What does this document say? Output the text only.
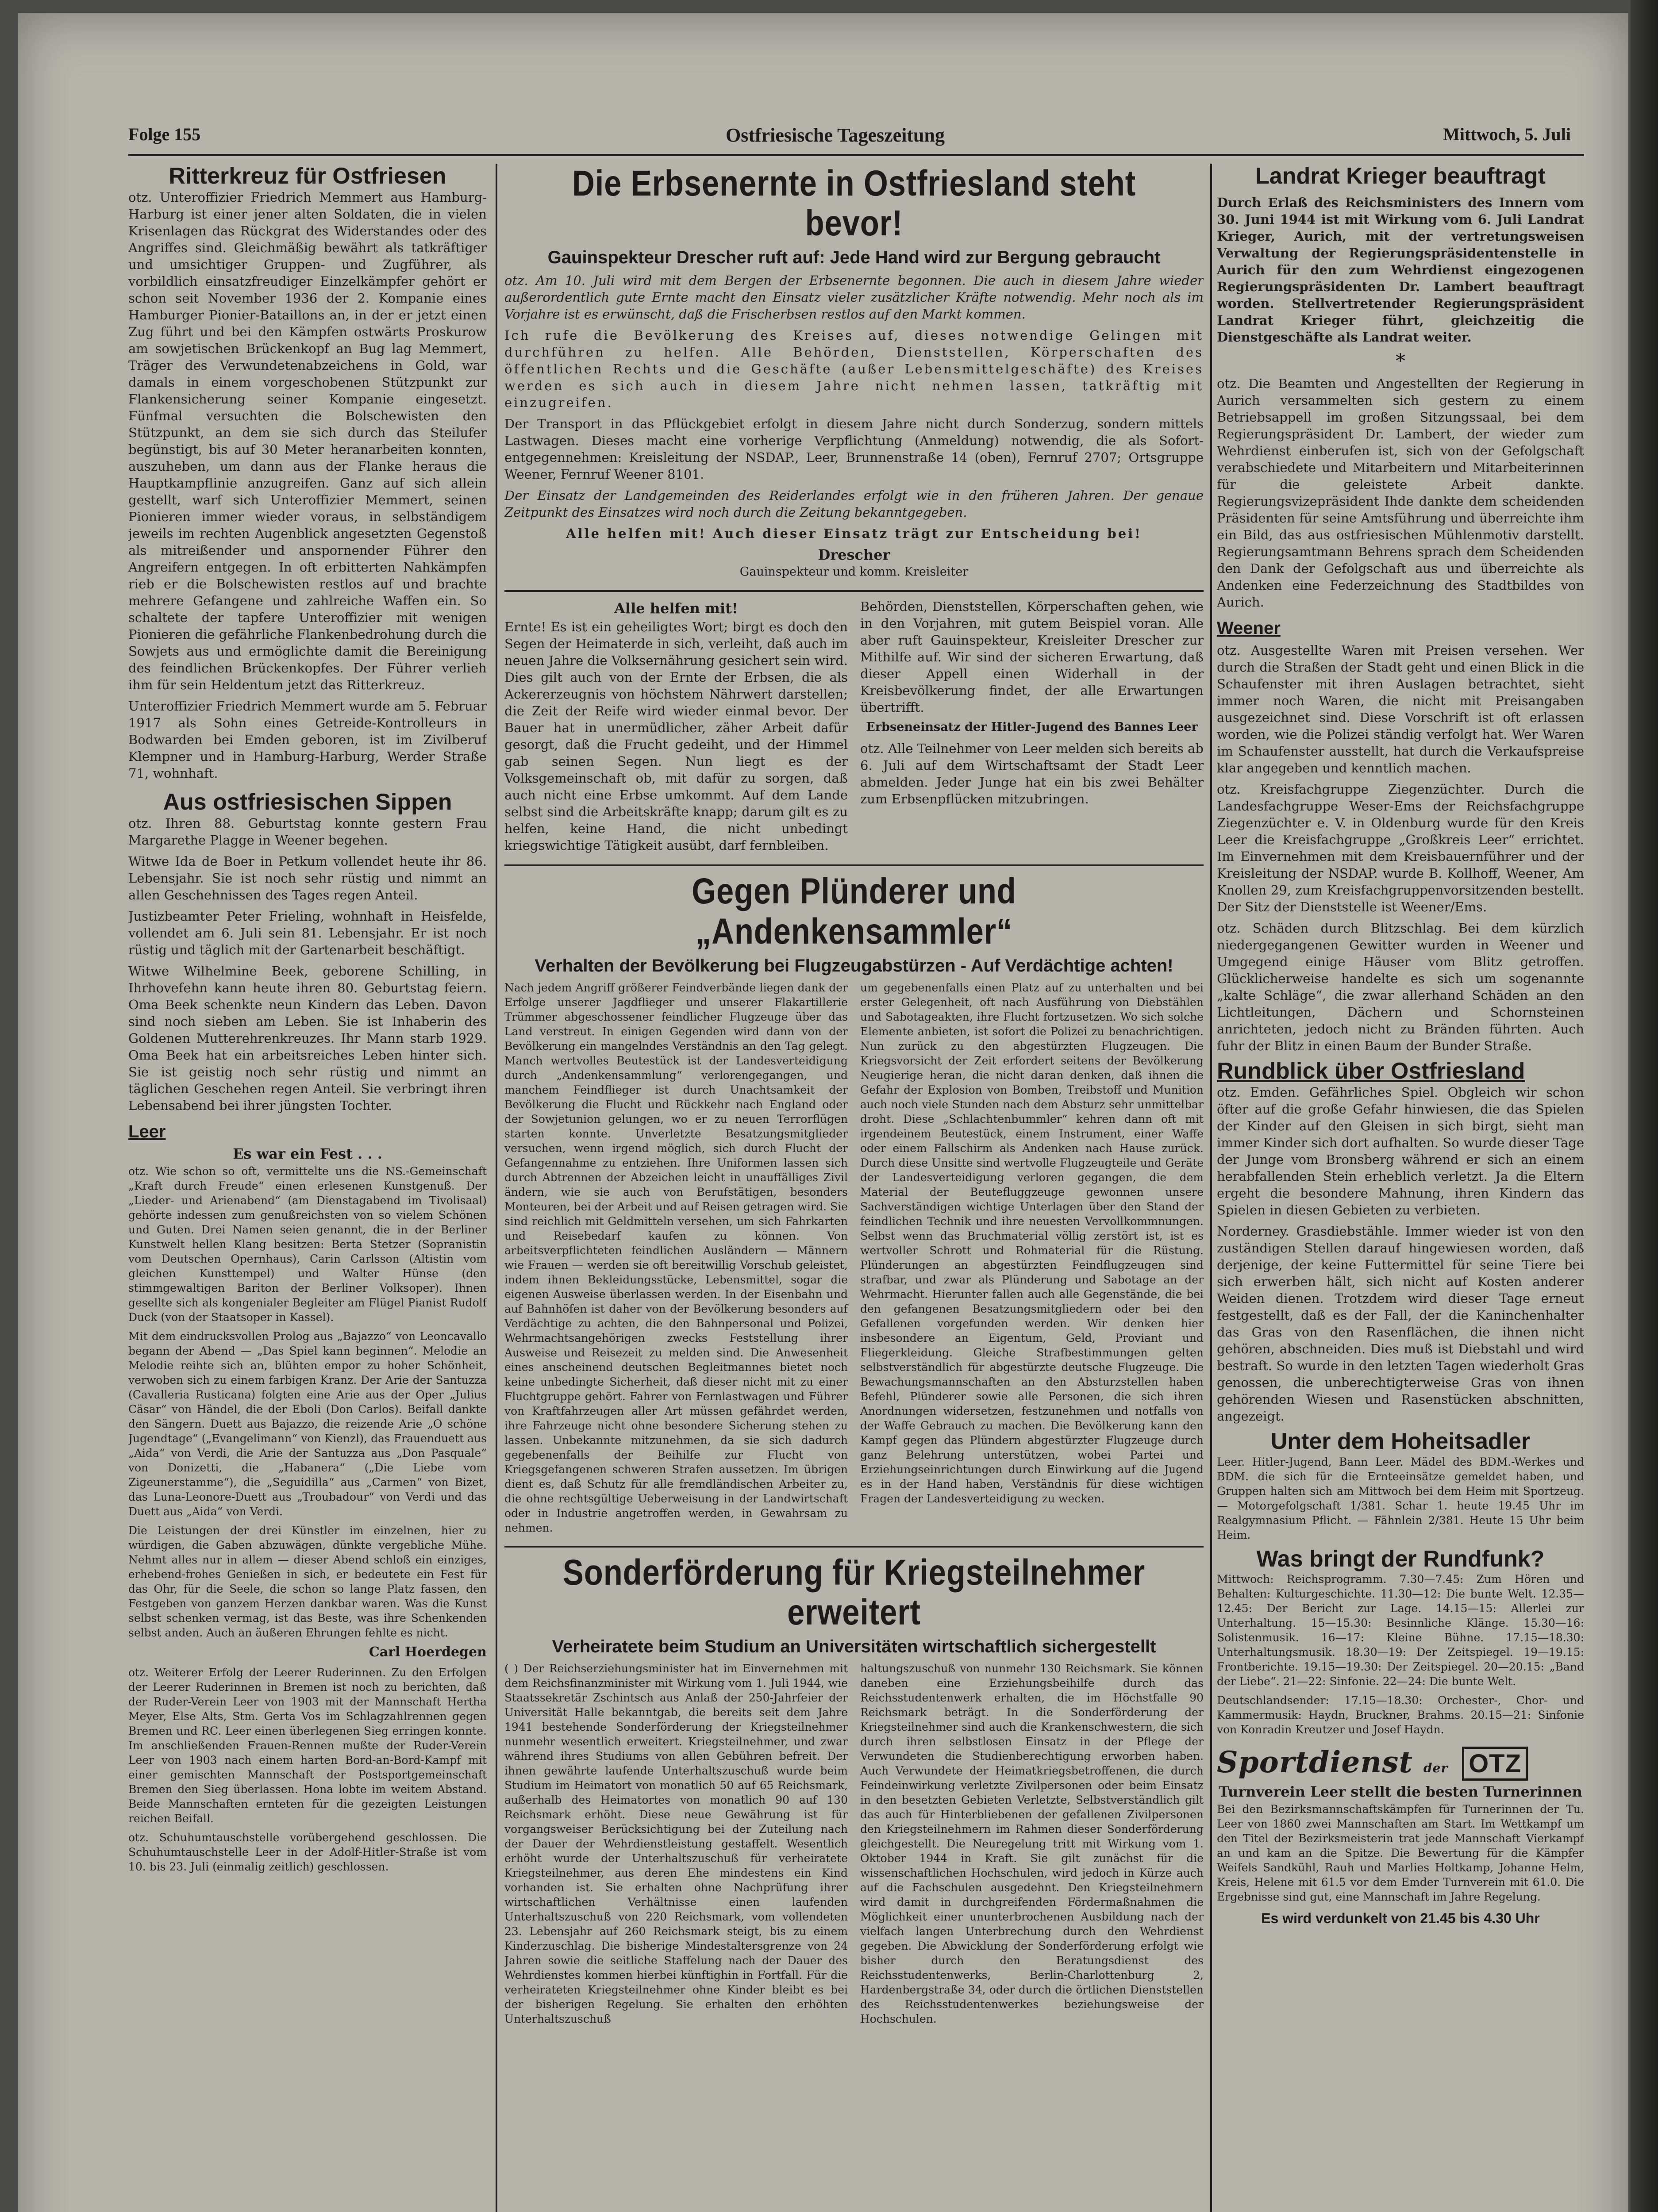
Folge 155	Ostfriesische Tageszeitung	Mittwoch, 5. Juli
Ritterkreuz für Ostfriesen

otz. Unteroffizier Friedrich Memmert aus Hamburg-Harburg ist einer jener alten Soldaten, die in vielen Krisenlagen das Rückgrat des Widerstandes oder des Angriffes sind. Gleichmäßig bewährt als tatkräftiger und umsichtiger Gruppen- und Zugführer, als vorbildlich einsatzfreudiger Einzelkämpfer gehört er schon seit November 1936 der 2. Kompanie eines Hamburger Pionier-Bataillons an, in der er jetzt einen Zug führt und bei den Kämpfen ostwärts Proskurow am sowjetischen Brückenkopf an Bug lag Memmert, Träger des Verwundetenabzeichens in Gold, war damals in einem vorgeschobenen Stützpunkt zur Flankensicherung seiner Kompanie eingesetzt. Fünfmal versuchten die Bolschewisten den Stützpunkt, an dem sie sich durch das Steilufer begünstigt, bis auf 30 Meter heranarbeiten konnten, auszuheben, um dann aus der Flanke heraus die Hauptkampflinie anzugreifen. Ganz auf sich allein gestellt, warf sich Unteroffizier Memmert, seinen Pionieren immer wieder voraus, in selbständigem jeweils im rechten Augenblick angesetzten Gegenstoß als mitreißender und anspornender Führer den Angreifern entgegen. In oft erbitterten Nahkämpfen rieb er die Bolschewisten restlos auf und brachte mehrere Gefangene und zahlreiche Waffen ein. So schaltete der tapfere Unteroffizier mit wenigen Pionieren die gefährliche Flankenbedrohung durch die Sowjets aus und ermöglichte damit die Bereinigung des feindlichen Brückenkopfes. Der Führer verlieh ihm für sein Heldentum jetzt das Ritterkreuz.

Unteroffizier Friedrich Memmert wurde am 5. Februar 1917 als Sohn eines Getreide-Kontrolleurs in Bodwarden bei Emden geboren, ist im Zivilberuf Klempner und in Hamburg-Harburg, Werder Straße 71, wohnhaft.

Aus ostfriesischen Sippen

otz. Ihren 88. Geburtstag konnte gestern Frau Margarethe Plagge in Weener begehen.

Witwe Ida de Boer in Petkum vollendet heute ihr 86. Lebensjahr. Sie ist noch sehr rüstig und nimmt an allen Geschehnissen des Tages regen Anteil.

Justizbeamter Peter Frieling, wohnhaft in Heisfelde, vollendet am 6. Juli sein 81. Lebensjahr. Er ist noch rüstig und täglich mit der Gartenarbeit beschäftigt.

Witwe Wilhelmine Beek, geborene Schilling, in Ihrhovefehn kann heute ihren 80. Geburtstag feiern. Oma Beek schenkte neun Kindern das Leben. Davon sind noch sieben am Leben. Sie ist Inhaberin des Goldenen Mutterehrenkreuzes. Ihr Mann starb 1929. Oma Beek hat ein arbeitsreiches Leben hinter sich. Sie ist geistig noch sehr rüstig und nimmt an täglichen Geschehen regen Anteil. Sie verbringt ihren Lebensabend bei ihrer jüngsten Tochter.

Leer
Es war ein Fest . . .

otz. Wie schon so oft, vermittelte uns die NS.-Gemeinschaft „Kraft durch Freude“ einen erlesenen Kunstgenuß. Der „Lieder- und Arienabend“ (am Dienstagabend im Tivolisaal) gehörte indessen zum genußreichsten von so vielem Schönen und Guten. Drei Namen seien genannt, die in der Berliner Kunstwelt hellen Klang besitzen: Berta Stetzer (Sopranistin vom Deutschen Opernhaus), Carin Carlsson (Altistin vom gleichen Kunsttempel) und Walter Hünse (den stimmgewaltigen Bariton der Berliner Volksoper). Ihnen gesellte sich als kongenialer Begleiter am Flügel Pianist Rudolf Duck (von der Staatsoper in Kassel).

Mit dem eindrucksvollen Prolog aus „Bajazzo“ von Leoncavallo begann der Abend — „Das Spiel kann beginnen“. Melodie an Melodie reihte sich an, blühten empor zu hoher Schönheit, verwoben sich zu einem farbigen Kranz. Der Arie der Santuzza (Cavalleria Rusticana) folgten eine Arie aus der Oper „Julius Cäsar“ von Händel, die der Eboli (Don Carlos). Beifall dankte den Sängern. Duett aus Bajazzo, die reizende Arie „O schöne Jugendtage“ („Evangelimann“ von Kienzl), das Frauenduett aus „Aida“ von Verdi, die Arie der Santuzza aus „Don Pasquale“ von Donizetti, die „Habanera“ („Die Liebe vom Zigeunerstamme“), die „Seguidilla“ aus „Carmen“ von Bizet, das Luna-Leonore-Duett aus „Troubadour“ von Verdi und das Duett aus „Aida“ von Verdi.

Die Leistungen der drei Künstler im einzelnen, hier zu würdigen, die Gaben abzuwägen, dünkte vergebliche Mühe. Nehmt alles nur in allem — dieser Abend schloß ein einziges, erhebend-frohes Genießen in sich, er bedeutete ein Fest für das Ohr, für die Seele, die schon so lange Platz fassen, den Festgeben von ganzem Herzen dankbar waren. Was die Kunst selbst schenken vermag, ist das Beste, was ihre Schenkenden selbst anden. Auch an äußeren Ehrungen fehlte es nicht.

Carl Hoerdegen

otz. Weiterer Erfolg der Leerer Ruderinnen. Zu den Erfolgen der Leerer Ruderinnen in Bremen ist noch zu berichten, daß der Ruder-Verein Leer von 1903 mit der Mannschaft Hertha Meyer, Else Alts, Stm. Gerta Vos im Schlagzahlrennen gegen Bremen und RC. Leer einen überlegenen Sieg erringen konnte. Im anschließenden Frauen-Rennen mußte der Ruder-Verein Leer von 1903 nach einem harten Bord-an-Bord-Kampf mit einer gemischten Mannschaft der Postsportgemeinschaft Bremen den Sieg überlassen. Hona lobte im weitem Abstand. Beide Mannschaften ernteten für die gezeigten Leistungen reichen Beifall.

otz. Schuhumtauschstelle vorübergehend geschlossen. Die Schuhumtauschstelle Leer in der Adolf-Hitler-Straße ist vom 10. bis 23. Juli (einmalig zeitlich) geschlossen.

Die Erbsenernte in Ostfriesland steht bevor!
Gauinspekteur Drescher ruft auf: Jede Hand wird zur Bergung gebraucht

otz. Am 10. Juli wird mit dem Bergen der Erbsenernte begonnen. Die auch in diesem Jahre wieder außerordentlich gute Ernte macht den Einsatz vieler zusätzlicher Kräfte notwendig. Mehr noch als im Vorjahre ist es erwünscht, daß die Frischerbsen restlos auf den Markt kommen.

Ich rufe die Bevölkerung des Kreises auf, dieses notwendige Gelingen mit durchführen zu helfen. Alle Behörden, Dienststellen, Körperschaften des öffentlichen Rechts und die Geschäfte (außer Lebensmittelgeschäfte) des Kreises werden es sich auch in diesem Jahre nicht nehmen lassen, tatkräftig mit einzugreifen.

Der Transport in das Pflückgebiet erfolgt in diesem Jahre nicht durch Sonderzug, sondern mittels Lastwagen. Dieses macht eine vorherige Verpflichtung (Anmeldung) notwendig, die als Sofort-entgegennehmen: Kreisleitung der NSDAP., Leer, Brunnenstraße 14 (oben), Fernruf 2707; Ortsgruppe Weener, Fernruf Weener 8101.

Der Einsatz der Landgemeinden des Reiderlandes erfolgt wie in den früheren Jahren. Der genaue Zeitpunkt des Einsatzes wird noch durch die Zeitung bekanntgegeben.

Alle helfen mit! Auch dieser Einsatz trägt zur Entscheidung bei!

Drescher
Gauinspekteur und komm. Kreisleiter
Alle helfen mit!

Ernte! Es ist ein geheiligtes Wort; birgt es doch den Segen der Heimaterde in sich, verleiht, daß auch im neuen Jahre die Volksernährung gesichert sein wird. Dies gilt auch von der Ernte der Erbsen, die als Ackererzeugnis von höchstem Nährwert darstellen; die Zeit der Reife wird wieder einmal bevor. Der Bauer hat in unermüdlicher, zäher Arbeit dafür gesorgt, daß die Frucht gedeiht, und der Himmel gab seinen Segen. Nun liegt es der Volksgemeinschaft ob, mit dafür zu sorgen, daß auch nicht eine Erbse umkommt. Auf dem Lande selbst sind die Arbeitskräfte knapp; darum gilt es zu helfen, keine Hand, die nicht unbedingt kriegswichtige Tätigkeit ausübt, darf fernbleiben.

Behörden, Dienststellen, Körperschaften gehen, wie in den Vorjahren, mit gutem Beispiel voran. Alle aber ruft Gauinspekteur, Kreisleiter Drescher zur Mithilfe auf. Wir sind der sicheren Erwartung, daß dieser Appell einen Widerhall in der Kreisbevölkerung findet, der alle Erwartungen übertrifft.

Erbseneinsatz der Hitler-Jugend des Bannes Leer

otz. Alle Teilnehmer von Leer melden sich bereits ab 6. Juli auf dem Wirtschaftsamt der Stadt Leer abmelden. Jeder Junge hat ein bis zwei Behälter zum Erbsenpflücken mitzubringen.

Gegen Plünderer und „Andenkensammler“
Verhalten der Bevölkerung bei Flugzeugabstürzen - Auf Verdächtige achten!

Nach jedem Angriff größerer Feindverbände liegen dank der Erfolge unserer Jagdflieger und unserer Flakartillerie Trümmer abgeschossener feindlicher Flugzeuge über das Land verstreut. In einigen Gegenden wird dann von der Bevölkerung ein mangelndes Verständnis an den Tag gelegt. Manch wertvolles Beutestück ist der Landesverteidigung durch „Andenkensammlung“ verlorengegangen, und manchem Feindflieger ist durch Unachtsamkeit der Bevölkerung die Flucht und Rückkehr nach England oder der Sowjetunion gelungen, wo er zu neuen Terrorflügen starten konnte. Unverletzte Besatzungsmitglieder versuchen, wenn irgend möglich, sich durch Flucht der Gefangennahme zu entziehen. Ihre Uniformen lassen sich durch Abtrennen der Abzeichen leicht in unauffälliges Zivil ändern, wie sie auch von Berufstätigen, besonders Monteuren, bei der Arbeit und auf Reisen getragen wird. Sie sind reichlich mit Geldmitteln versehen, um sich Fahrkarten und Reisebedarf kaufen zu können. Von arbeitsverpflichteten feindlichen Ausländern — Männern wie Frauen — werden sie oft bereitwillig Vorschub geleistet, indem ihnen Bekleidungsstücke, Lebensmittel, sogar die eigenen Ausweise überlassen werden. In der Eisenbahn und auf Bahnhöfen ist daher von der Bevölkerung besonders auf Verdächtige zu achten, die den Bahnpersonal und Polizei, Wehrmachtsangehörigen zwecks Feststellung ihrer Ausweise und Reisezeit zu melden sind. Die Anwesenheit eines anscheinend deutschen Begleitmannes bietet noch keine unbedingte Sicherheit, daß dieser nicht mit zu einer Fluchtgruppe gehört. Fahrer von Fernlastwagen und Führer von Kraftfahrzeugen aller Art müssen gefährdet werden, ihre Fahrzeuge nicht ohne besondere Sicherung stehen zu lassen. Unbekannte mitzunehmen, da sie sich dadurch gegebenenfalls der Beihilfe zur Flucht von Kriegsgefangenen schweren Strafen aussetzen. Im übrigen dient es, daß Schutz für alle fremdländischen Arbeiter zu, die ohne rechtsgültige Ueberweisung in der Landwirtschaft oder in Industrie angetroffen werden, in Gewahrsam zu nehmen.

um gegebenenfalls einen Platz auf zu unterhalten und bei erster Gelegenheit, oft nach Ausführung von Diebstählen und Sabotageakten, ihre Flucht fortzusetzen. Wo sich solche Elemente anbieten, ist sofort die Polizei zu benachrichtigen. Nun zurück zu den abgestürzten Flugzeugen. Die Kriegsvorsicht der Zeit erfordert seitens der Bevölkerung Neugierige heran, die nicht daran denken, daß ihnen die Gefahr der Explosion von Bomben, Treibstoff und Munition auch noch viele Stunden nach dem Absturz sehr unmittelbar droht. Diese „Schlachtenbummler“ kehren dann oft mit irgendeinem Beutestück, einem Instrument, einer Waffe oder einem Fallschirm als Andenken nach Hause zurück. Durch diese Unsitte sind wertvolle Flugzeugteile und Geräte der Landesverteidigung verloren gegangen, die dem Material der Beutefluggzeuge gewonnen unsere Sachverständigen wichtige Unterlagen über den Stand der feindlichen Technik und ihre neuesten Vervollkommnungen. Selbst wenn das Bruchmaterial völlig zerstört ist, ist es wertvoller Schrott und Rohmaterial für die Rüstung. Plünderungen an abgestürzten Feindflugzeugen sind strafbar, und zwar als Plünderung und Sabotage an der Wehrmacht. Hierunter fallen auch alle Gegenstände, die bei den gefangenen Besatzungsmitgliedern oder bei den Gefallenen vorgefunden werden. Wir denken hier insbesondere an Eigentum, Geld, Proviant und Fliegerkleidung. Gleiche Strafbestimmungen gelten selbstverständlich für abgestürzte deutsche Flugzeuge. Die Bewachungsmannschaften an den Absturzstellen haben Befehl, Plünderer sowie alle Personen, die sich ihren Anordnungen widersetzen, festzunehmen und notfalls von der Waffe Gebrauch zu machen. Die Bevölkerung kann den Kampf gegen das Plündern abgestürzter Flugzeuge durch ganz Belehrung unterstützen, wobei Partei und Erziehungseinrichtungen durch Einwirkung auf die Jugend es in der Hand haben, Verständnis für diese wichtigen Fragen der Landesverteidigung zu wecken.

Sonderförderung für Kriegsteilnehmer erweitert
Verheiratete beim Studium an Universitäten wirtschaftlich sichergestellt

( ) Der Reichserziehungsminister hat im Einvernehmen mit dem Reichsfinanzminister mit Wirkung vom 1. Juli 1944, wie Staatssekretär Zschintsch aus Anlaß der 250-Jahrfeier der Universität Halle bekanntgab, die bereits seit dem Jahre 1941 bestehende Sonderförderung der Kriegsteilnehmer nunmehr wesentlich erweitert. Kriegsteilnehmer, und zwar während ihres Studiums von allen Gebühren befreit. Der ihnen gewährte laufende Unterhaltszuschuß wurde beim Studium im Heimatort von monatlich 50 auf 65 Reichsmark, außerhalb des Heimatortes von monatlich 90 auf 130 Reichsmark erhöht. Diese neue Gewährung ist für vorgangsweiser Berücksichtigung bei der Zuteilung nach der Dauer der Wehrdienstleistung gestaffelt. Wesentlich erhöht wurde der Unterhaltszuschuß für verheiratete Kriegsteilnehmer, aus deren Ehe mindestens ein Kind vorhanden ist. Sie erhalten ohne Nachprüfung ihrer wirtschaftlichen Verhältnisse einen laufenden Unterhaltszuschuß von 220 Reichsmark, vom vollendeten 23. Lebensjahr auf 260 Reichsmark steigt, bis zu einem Kinderzuschlag. Die bisherige Mindestaltersgrenze von 24 Jahren sowie die seitliche Staffelung nach der Dauer des Wehrdienstes kommen hierbei künftighin in Fortfall. Für die verheirateten Kriegsteilnehmer ohne Kinder bleibt es bei der bisherigen Regelung. Sie erhalten den erhöhten Unterhaltszuschuß

haltungszuschuß von nunmehr 130 Reichsmark. Sie können daneben eine Erziehungsbeihilfe durch das Reichsstudentenwerk erhalten, die im Höchstfalle 90 Reichsmark beträgt. In die Sonderförderung der Kriegsteilnehmer sind auch die Krankenschwestern, die sich durch ihren selbstlosen Einsatz in der Pflege der Verwundeten die Studienberechtigung erworben haben. Auch Verwundete der Heimatkriegsbetroffenen, die durch Feindeinwirkung verletzte Zivilpersonen oder beim Einsatz in den besetzten Gebieten Verletzte, Selbstverständlich gilt das auch für Hinterbliebenen der gefallenen Zivilpersonen den Kriegsteilnehmern im Rahmen dieser Sonderförderung gleichgestellt. Die Neuregelung tritt mit Wirkung vom 1. Oktober 1944 in Kraft. Sie gilt zunächst für die wissenschaftlichen Hochschulen, wird jedoch in Kürze auch auf die Fachschulen ausgedehnt. Den Kriegsteilnehmern wird damit in durchgreifenden Fördermaßnahmen die Möglichkeit einer ununterbrochenen Ausbildung nach der vielfach langen Unterbrechung durch den Wehrdienst gegeben. Die Abwicklung der Sonderförderung erfolgt wie bisher durch den Beratungsdienst des Reichsstudentenwerks, Berlin-Charlottenburg 2, Hardenbergstraße 34, oder durch die örtlichen Dienststellen des Reichsstudentenwerkes beziehungsweise der Hochschulen.

Landrat Krieger beauftragt

Durch Erlaß des Reichsministers des Innern vom 30. Juni 1944 ist mit Wirkung vom 6. Juli Landrat Krieger, Aurich, mit der vertretungsweisen Verwaltung der Regierungspräsidentenstelle in Aurich für den zum Wehrdienst eingezogenen Regierungspräsidenten Dr. Lambert beauftragt worden. Stellvertretender Regierungspräsident Landrat Krieger führt, gleichzeitig die Dienstgeschäfte als Landrat weiter.

*

otz. Die Beamten und Angestellten der Regierung in Aurich versammelten sich gestern zu einem Betriebsappell im großen Sitzungssaal, bei dem Regierungspräsident Dr. Lambert, der wieder zum Wehrdienst einberufen ist, sich von der Gefolgschaft verabschiedete und Mitarbeitern und Mitarbeiterinnen für die geleistete Arbeit dankte. Regierungsvizepräsident Ihde dankte dem scheidenden Präsidenten für seine Amtsführung und überreichte ihm ein Bild, das aus ostfriesischen Mühlenmotiv darstellt. Regierungsamtmann Behrens sprach dem Scheidenden den Dank der Gefolgschaft aus und überreichte als Andenken eine Federzeichnung des Stadtbildes von Aurich.

Weener

otz. Ausgestellte Waren mit Preisen versehen. Wer durch die Straßen der Stadt geht und einen Blick in die Schaufenster mit ihren Auslagen betrachtet, sieht immer noch Waren, die nicht mit Preisangaben ausgezeichnet sind. Diese Vorschrift ist oft erlassen worden, wie die Polizei ständig verfolgt hat. Wer Waren im Schaufenster ausstellt, hat durch die Verkaufspreise klar angegeben und kenntlich machen.

otz. Kreisfachgruppe Ziegenzüchter. Durch die Landesfachgruppe Weser-Ems der Reichsfachgruppe Ziegenzüchter e. V. in Oldenburg wurde für den Kreis Leer die Kreisfachgruppe „Großkreis Leer“ errichtet. Im Einvernehmen mit dem Kreisbauernführer und der Kreisleitung der NSDAP. wurde B. Kollhoff, Weener, Am Knollen 29, zum Kreisfachgruppenvorsitzenden bestellt. Der Sitz der Dienststelle ist Weener/Ems.

otz. Schäden durch Blitzschlag. Bei dem kürzlich niedergegangenen Gewitter wurden in Weener und Umgegend einige Häuser vom Blitz getroffen. Glücklicherweise handelte es sich um sogenannte „kalte Schläge“, die zwar allerhand Schäden an den Lichtleitungen, Dächern und Schornsteinen anrichteten, jedoch nicht zu Bränden führten. Auch fuhr der Blitz in einen Baum der Bunder Straße.

Rundblick über Ostfriesland

otz. Emden. Gefährliches Spiel. Obgleich wir schon öfter auf die große Gefahr hinwiesen, die das Spielen der Kinder auf den Gleisen in sich birgt, sieht man immer Kinder sich dort aufhalten. So wurde dieser Tage der Junge vom Bronsberg während er sich an einem herabfallenden Stein erheblich verletzt. Ja die Eltern ergeht die besondere Mahnung, ihren Kindern das Spielen in diesen Gebieten zu verbieten.

Norderney. Grasdiebstähle. Immer wieder ist von den zuständigen Stellen darauf hingewiesen worden, daß derjenige, der keine Futtermittel für seine Tiere bei sich erwerben hält, sich nicht auf Kosten anderer Weiden dienen. Trotzdem wird dieser Tage erneut festgestellt, daß es der Fall, der die Kaninchenhalter das Gras von den Rasenflächen, die ihnen nicht gehören, abschneiden. Dies muß ist Diebstahl und wird bestraft. So wurde in den letzten Tagen wiederholt Gras genossen, die unberechtigterweise Gras von ihnen gehörenden Wiesen und Rasenstücken abschnitten, angezeigt.

Unter dem Hoheitsadler

Leer. Hitler-Jugend, Bann Leer. Mädel des BDM.-Werkes und BDM. die sich für die Ernteeinsätze gemeldet haben, und Gruppen halten sich am Mittwoch bei dem Heim mit Sportzeug. — Motorgefolgschaft 1/381. Schar 1. heute 19.45 Uhr im Realgymnasium Pflicht. — Fähnlein 2/381. Heute 15 Uhr beim Heim.

Was bringt der Rundfunk?

Mittwoch: Reichsprogramm. 7.30—7.45: Zum Hören und Behalten: Kulturgeschichte. 11.30—12: Die bunte Welt. 12.35—12.45: Der Bericht zur Lage. 14.15—15: Allerlei zur Unterhaltung. 15—15.30: Besinnliche Klänge. 15.30—16: Solistenmusik. 16—17: Kleine Bühne. 17.15—18.30: Unterhaltungsmusik. 18.30—19: Der Zeitspiegel. 19—19.15: Frontberichte. 19.15—19.30: Der Zeitspiegel. 20—20.15: „Band der Liebe“. 21—22: Sinfonie. 22—24: Die bunte Welt.

Deutschlandsender: 17.15—18.30: Orchester-, Chor- und Kammermusik: Haydn, Bruckner, Brahms. 20.15—21: Sinfonie von Konradin Kreutzer und Josef Haydn.

Sportdienst der OTZ
Turnverein Leer stellt die besten Turnerinnen

Bei den Bezirksmannschaftskämpfen für Turnerinnen der Tu. Leer von 1860 zwei Mannschaften am Start. Im Wettkampf um den Titel der Bezirksmeisterin trat jede Mannschaft Vierkampf an und kam an die Spitze. Die Bewertung für die Kämpfer Weifels Sandkühl, Rauh und Marlies Holtkamp, Johanne Helm, Kreis, Helene mit 61.5 vor dem Emder Turnverein mit 61.0. Die Ergebnisse sind gut, eine Mannschaft im Jahre Regelung.

Es wird verdunkelt von 21.45 bis 4.30 Uhr
